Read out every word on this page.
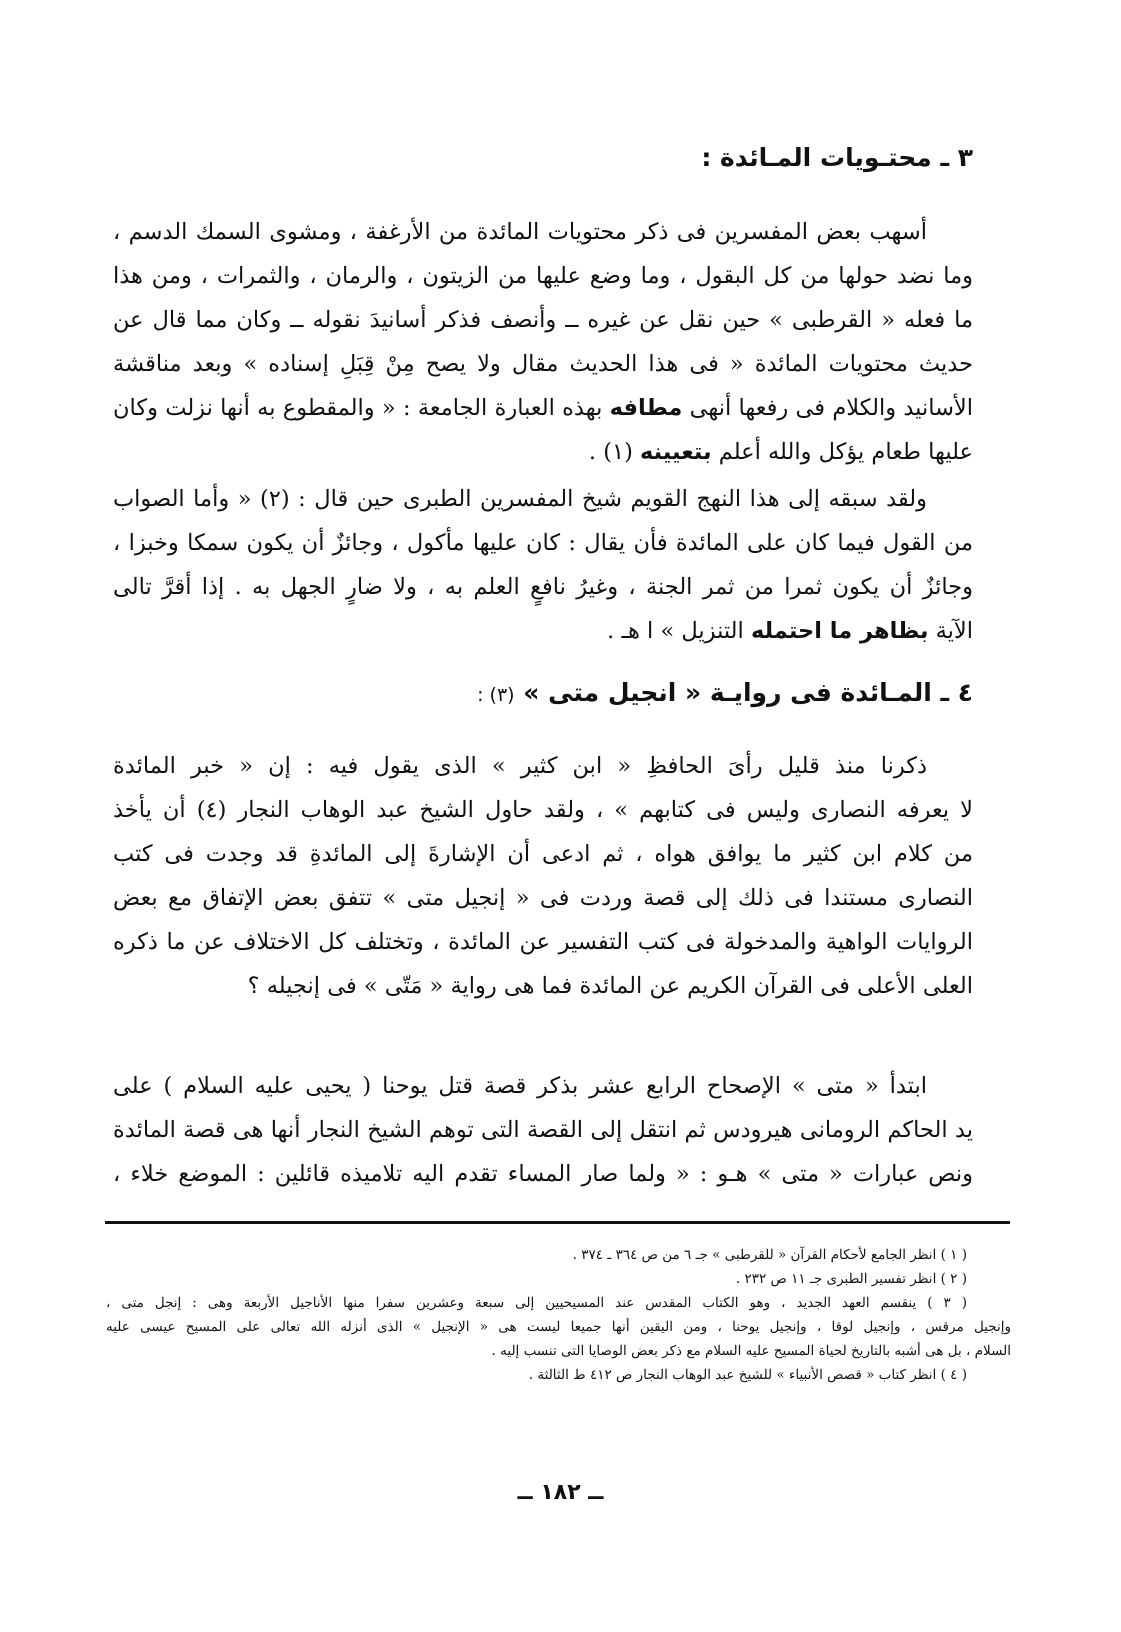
٣ ـ محتـويات المـائدة :
أسهب بعض المفسرين فى ذكر محتويات المائدة من الأرغفة ، ومشوى السمك الدسم ،
وما نضد حولها من كل البقول ، وما وضع عليها من الزيتون ، والرمان ، والثمرات ، ومن هذا
ما فعله « القرطبى » حين نقل عن غيره ــ وأنصف فذكر أسانيدَ نقوله ــ وكان مما قال عن
حديث محتويات المائدة « فى هذا الحديث مقال ولا يصح مِنْ قِبَلِ إسناده » وبعد مناقشة
الأسانيد والكلام فى رفعها أنهى مطافه بهذه العبارة الجامعة : « والمقطوع به أنها نزلت وكان
عليها طعام يؤكل والله أعلم بتعيينه (١) .
ولقد سبقه إلى هذا النهج القويم شيخ المفسرين الطبرى حين قال : (٢) « وأما الصواب
من القول فيما كان على المائدة فأن يقال : كان عليها مأكول ، وجائزٌ أن يكون سمكا وخبزا ،
وجائزٌ أن يكون ثمرا من ثمر الجنة ، وغيرُ نافعٍ العلم به ، ولا ضارٍ الجهل به . إذا أقرَّ تالى
الآية بظاهر ما احتمله التنزيل » ا هـ .
٤ ـ المـائدة فى روايـة « انجيل متى » (٣) :
ذكرنا منذ قليل رأىَ الحافظِ « ابن كثير » الذى يقول فيه : إن « خبر المائدة
لا يعرفه النصارى وليس فى كتابهم » ، ولقد حاول الشيخ عبد الوهاب النجار (٤) أن يأخذ
من كلام ابن كثير ما يوافق هواه ، ثم ادعى أن الإشارةَ إلى المائدةِ قد وجدت فى كتب
النصارى مستندا فى ذلك إلى قصة وردت فى « إنجيل متى » تتفق بعض الإتفاق مع بعض
الروايات الواهية والمدخولة فى كتب التفسير عن المائدة ، وتختلف كل الاختلاف عن ما ذكره
العلى الأعلى فى القرآن الكريم عن المائدة فما هى رواية « مَتّى » فى إنجيله ؟
ابتدأ « متى » الإصحاح الرابع عشر بذكر قصة قتل يوحنا ( يحيى عليه السلام ) على
يد الحاكم الرومانى هيرودس ثم انتقل إلى القصة التى توهم الشيخ النجار أنها هى قصة المائدة
ونص عبارات « متى » هـو : « ولما صار المساء تقدم اليه تلاميذه قائلين : الموضع خلاء ،
( ١ ) انظر الجامع لأحكام القرآن « للقرطبى » جـ ٦ من ص ٣٦٤ ـ ٣٧٤ .
( ٢ ) انظر تفسير الطبرى جـ ١١ ص ٢٣٢ .
( ٣ ) ينقسم العهد الجديد ، وهو الكتاب المقدس عند المسيحيين إلى سبعة وعشرين سفرا منها الأناجيل الأربعة وهى : إنجل متى ،
وإنجيل مرقس ، وإنجيل لوقا ، وإنجيل يوحنا ، ومن اليقين أنها جميعا ليست هى « الإنجيل » الذى أنزله الله تعالى على المسيح عيسى عليه
السلام ، بل هى أشبه بالتاريخ لحياة المسيح عليه السلام مع ذكر بعض الوصايا التى تنسب إليه .
( ٤ ) انظر كتاب « قصص الأنبياء » للشيخ عبد الوهاب النجار ص ٤١٢ ط الثالثة .
ــ ١٨٢ ــ
